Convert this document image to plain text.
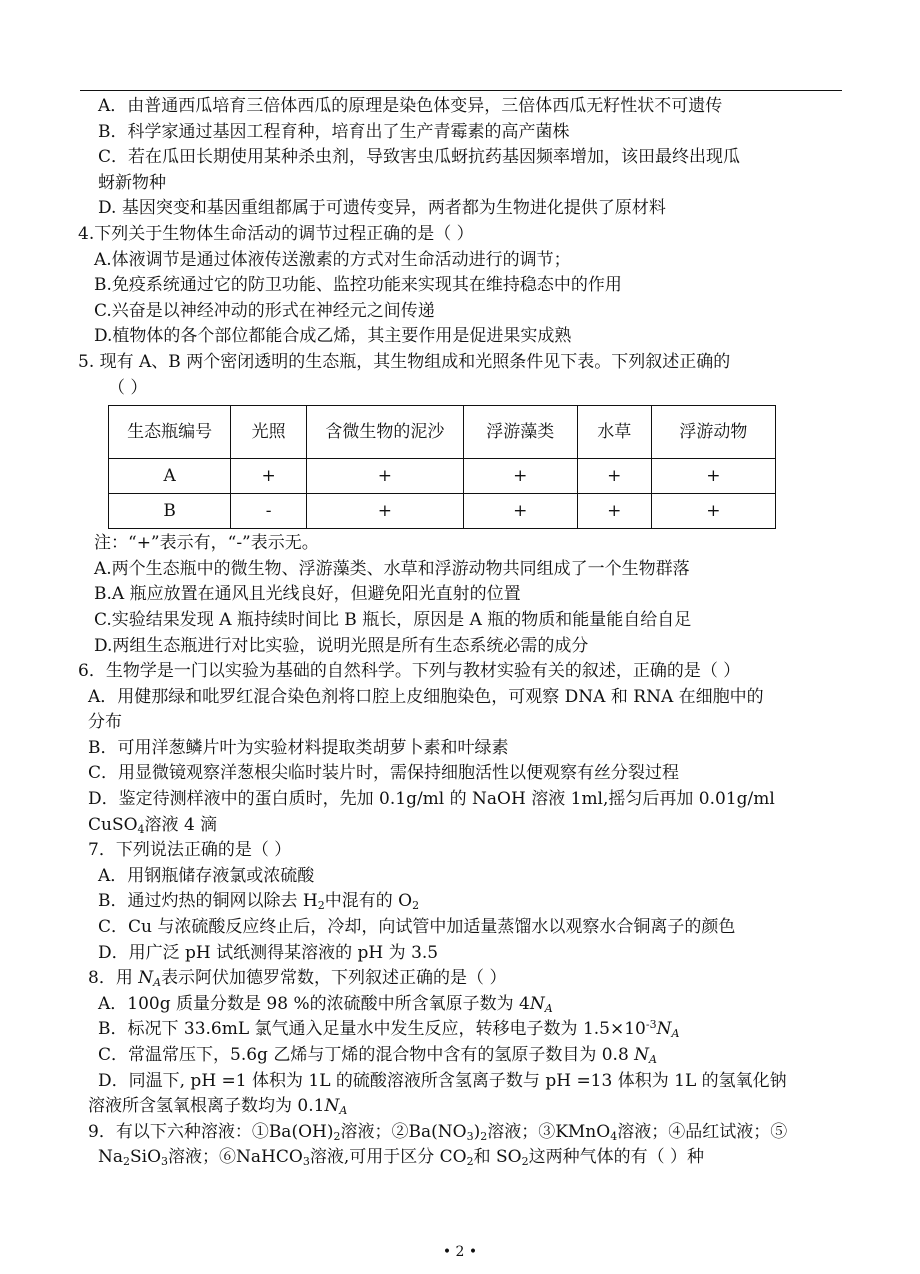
A．由普通西瓜培育三倍体西瓜的原理是染色体变异，三倍体西瓜无籽性状不可遗传
B．科学家通过基因工程育种，培育出了生产青霉素的高产菌株
C．若在瓜田长期使用某种杀虫剂，导致害虫瓜蚜抗药基因频率增加，该田最终出现瓜
蚜新物种
D. 基因突变和基因重组都属于可遗传变异，两者都为生物进化提供了原材料
4.下列关于生物体生命活动的调节过程正确的是（ ）
A.体液调节是通过体液传送激素的方式对生命活动进行的调节；
B.免疫系统通过它的防卫功能、监控功能来实现其在维持稳态中的作用
C.兴奋是以神经冲动的形式在神经元之间传递
D.植物体的各个部位都能合成乙烯，其主要作用是促进果实成熟
5. 现有 A、B 两个密闭透明的生态瓶，其生物组成和光照条件见下表。下列叙述正确的
（ ）
生态瓶编号	光照	含微生物的泥沙	浮游藻类	水草	浮游动物
A	+	+	+	+	+
B	-	+	+	+	+
注：“+”表示有，“-”表示无。
A.两个生态瓶中的微生物、浮游藻类、水草和浮游动物共同组成了一个生物群落
B.A 瓶应放置在通风且光线良好，但避免阳光直射的位置
C.实验结果发现 A 瓶持续时间比 B 瓶长，原因是 A 瓶的物质和能量能自给自足
D.两组生态瓶进行对比实验，说明光照是所有生态系统必需的成分
6．生物学是一门以实验为基础的自然科学。下列与教材实验有关的叙述，正确的是（ ）
A．用健那绿和吡罗红混合染色剂将口腔上皮细胞染色，可观察 DNA 和 RNA 在细胞中的
分布
B．可用洋葱鳞片叶为实验材料提取类胡萝卜素和叶绿素
C．用显微镜观察洋葱根尖临时装片时，需保持细胞活性以便观察有丝分裂过程
D．鉴定待测样液中的蛋白质时，先加 0.1g/ml 的 NaOH 溶液 1ml,摇匀后再加 0.01g/ml
CuSO$_4$溶液 4 滴
7．下列说法正确的是（ ）
A．用钢瓶储存液氯或浓硫酸
B．通过灼热的铜网以除去 $H_2$中混有的 $O_2$
C．Cu 与浓硫酸反应终止后，冷却，向试管中加适量蒸馏水以观察水合铜离子的颜色
D．用广泛 pH 试纸测得某溶液的 pH 为 3.5
8．用 $N_A$表示阿伏加德罗常数，下列叙述正确的是（ ）
A．100g 质量分数是 98 %的浓硫酸中所含氧原子数为 $4N_A$
B．标况下 33.6mL 氯气通入足量水中发生反应，转移电子数为 $1.5\times 10^{-3}N_A$
C．常温常压下，5.6g 乙烯与丁烯的混合物中含有的氢原子数目为 0.8 $N_A$
D．同温下, pH =1 体积为 1L 的硫酸溶液所含氢离子数与 pH =13 体积为 1L 的氢氧化钠
溶液所含氢氧根离子数均为 $0.1N_A$
9．有以下六种溶液：$①Ba(OH)_2$溶液；$②Ba(NO_3)_2$溶液；③KMnO$_4$溶液；④品红试液；⑤
$Na_2SiO_3$溶液；⑥NaHCO$_3$溶液,可用于区分 $CO_2$和 $SO_2$这两种气体的有（ ）种
• 2 •
